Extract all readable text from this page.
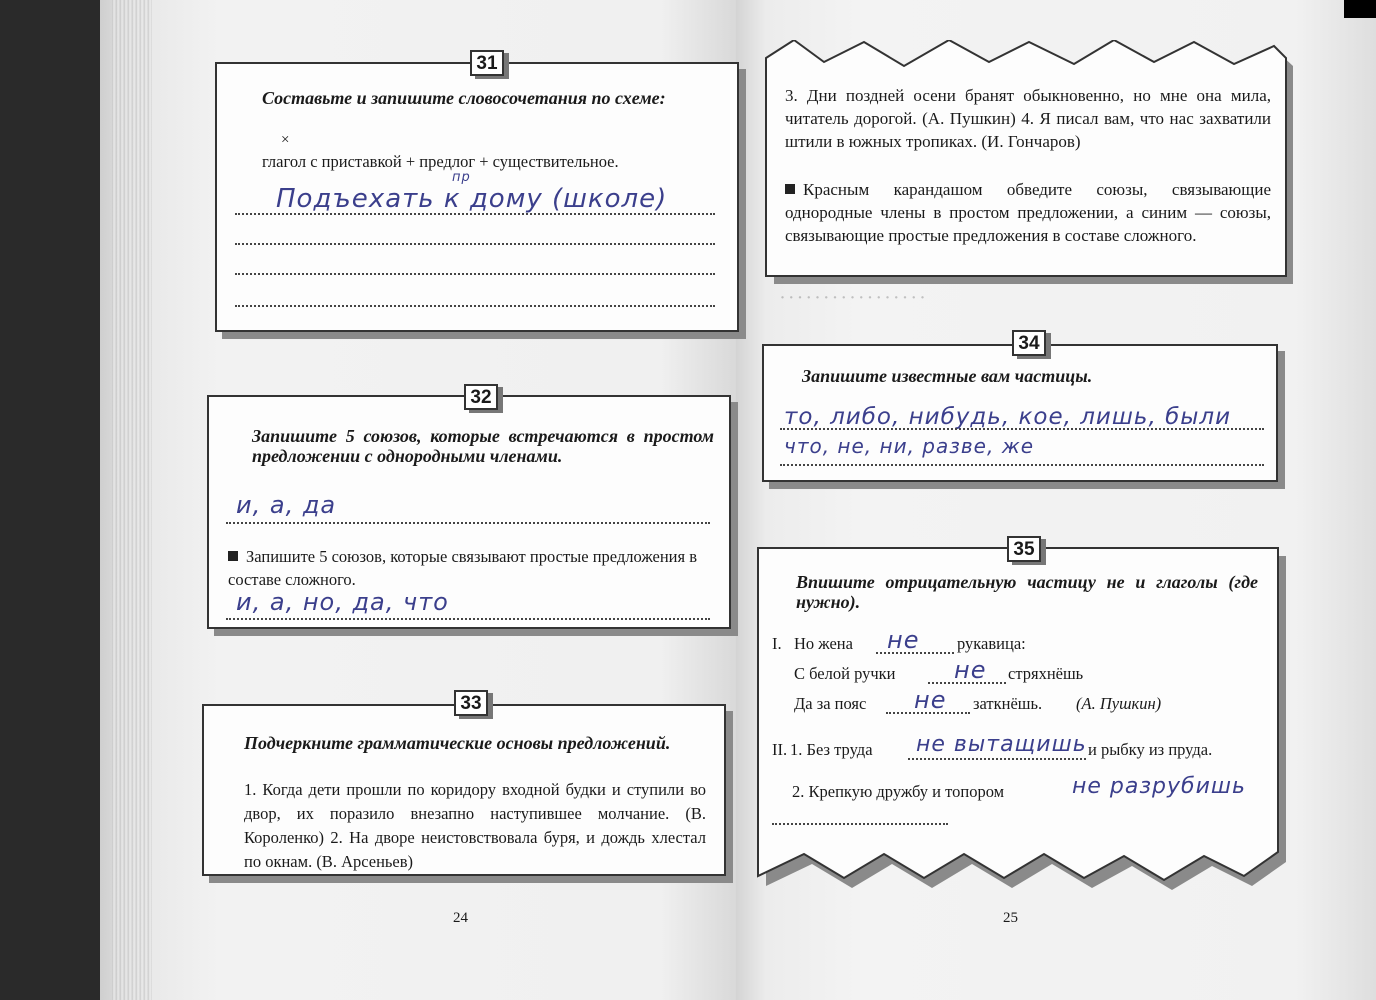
· · · · · · · · · · · · · · · · ·
31
Составьте и запишите словосочетания по схеме:
×
глагол с приставкой + предлог + существительное.
пр
Подъехать к дому (школе)
32
Запишите 5 союзов, которые встречаются в простом предложении с однородными членами.
и, а, да
Запишите 5 союзов, которые связывают простые предложения в составе сложного.
и, а, но, да, что
33
Подчеркните грамматические основы предложений.
1. Когда дети прошли по коридору входной будки и ступили во двор, их поразило внезапно наступившее молчание. (В. Короленко) 2. На дворе неистовствовала буря, и дождь хлестал по окнам. (В. Арсеньев)
24
3. Дни поздней осени бранят обыкновенно, но мне она мила, читатель дорогой. (А. Пушкин) 4. Я писал вам, что нас захватили штили в южных тропиках. (И. Гончаров)
Красным карандашом обведите союзы, связывающие однородные члены в простом предложении, а синим — союзы, связывающие простые предложения в составе сложного.
34
Запишите известные вам частицы.
то, либо, нибудь, кое, лишь, были
что, не, ни, разве, же
35
Впишите отрицательную частицу не и глаголы (где нужно).
I. Но жена не рукавица:
С белой ручки не стряхнёшь
Да за пояс не заткнёшь. (А. Пушкин)
II. 1. Без труда не вытащишь и рыбку из пруда.
2. Крепкую дружбу и топором	не разрубишь
25
